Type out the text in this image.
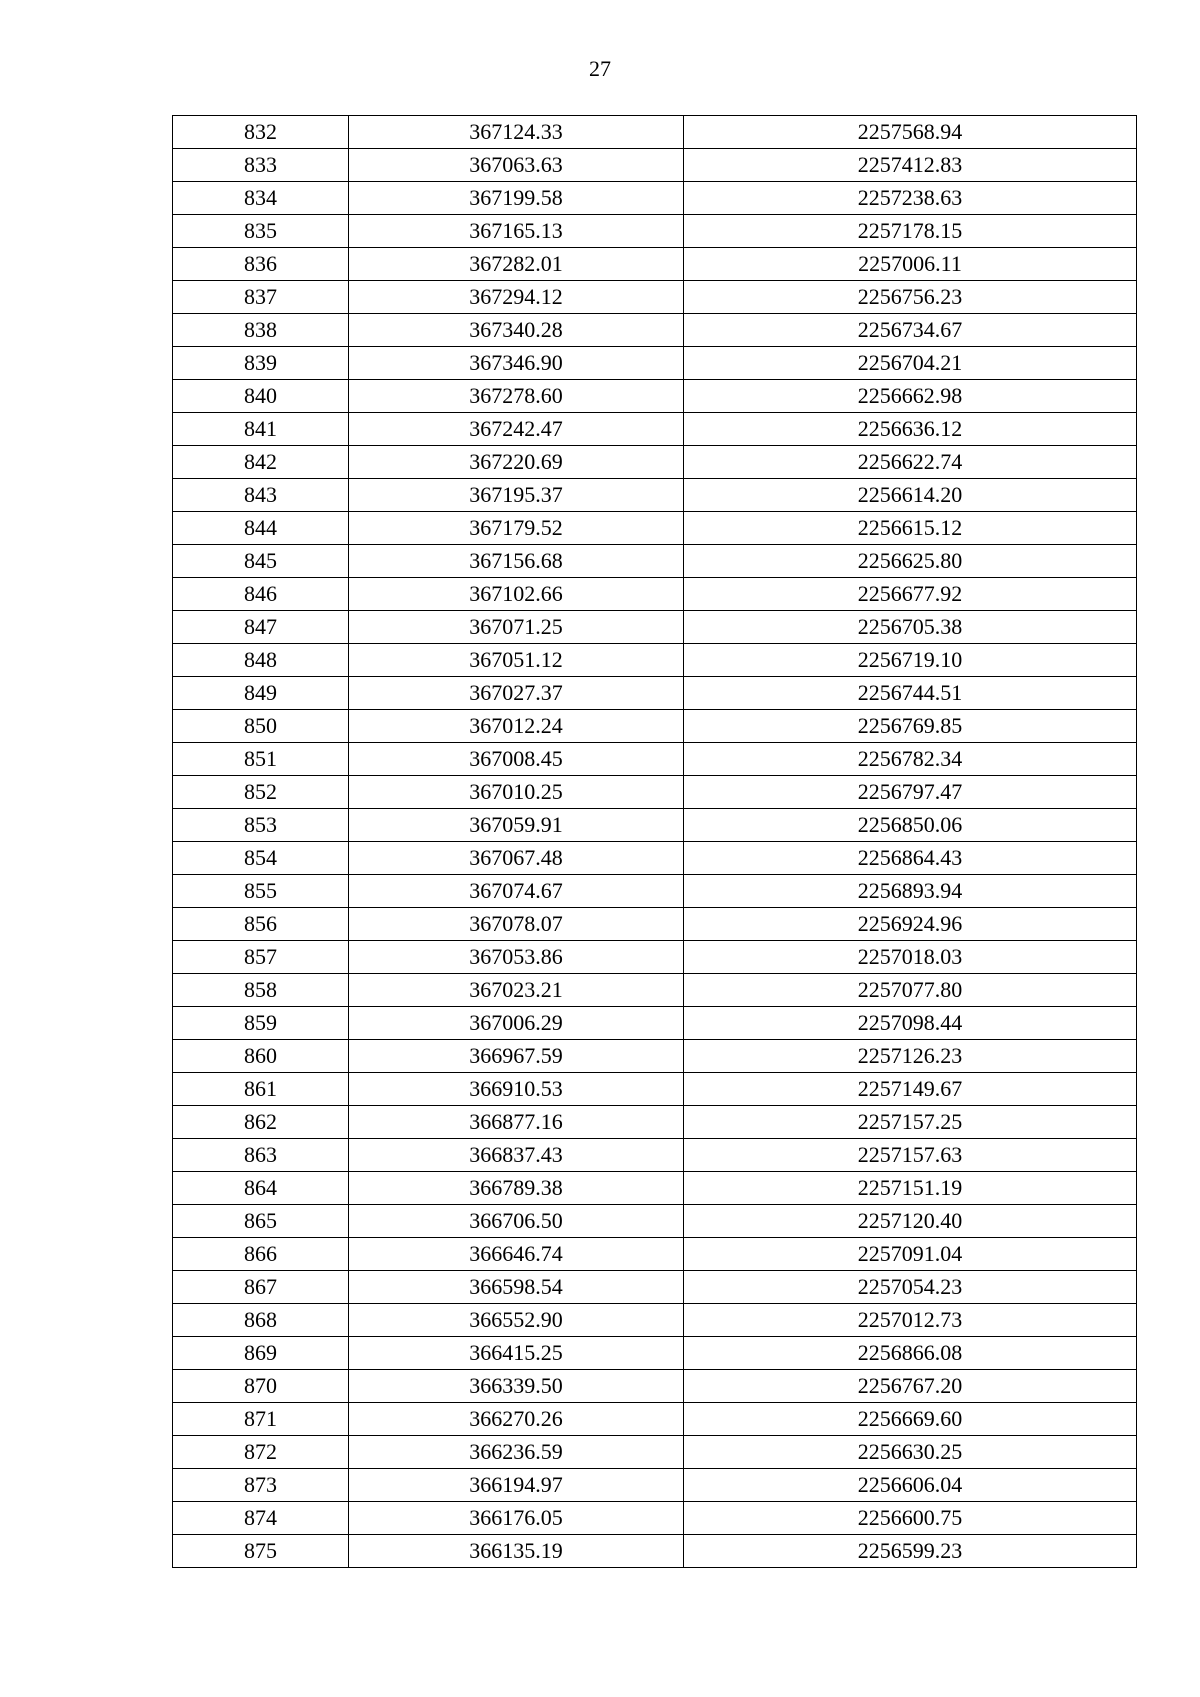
27
832	367124.33	2257568.94
833	367063.63	2257412.83
834	367199.58	2257238.63
835	367165.13	2257178.15
836	367282.01	2257006.11
837	367294.12	2256756.23
838	367340.28	2256734.67
839	367346.90	2256704.21
840	367278.60	2256662.98
841	367242.47	2256636.12
842	367220.69	2256622.74
843	367195.37	2256614.20
844	367179.52	2256615.12
845	367156.68	2256625.80
846	367102.66	2256677.92
847	367071.25	2256705.38
848	367051.12	2256719.10
849	367027.37	2256744.51
850	367012.24	2256769.85
851	367008.45	2256782.34
852	367010.25	2256797.47
853	367059.91	2256850.06
854	367067.48	2256864.43
855	367074.67	2256893.94
856	367078.07	2256924.96
857	367053.86	2257018.03
858	367023.21	2257077.80
859	367006.29	2257098.44
860	366967.59	2257126.23
861	366910.53	2257149.67
862	366877.16	2257157.25
863	366837.43	2257157.63
864	366789.38	2257151.19
865	366706.50	2257120.40
866	366646.74	2257091.04
867	366598.54	2257054.23
868	366552.90	2257012.73
869	366415.25	2256866.08
870	366339.50	2256767.20
871	366270.26	2256669.60
872	366236.59	2256630.25
873	366194.97	2256606.04
874	366176.05	2256600.75
875	366135.19	2256599.23
